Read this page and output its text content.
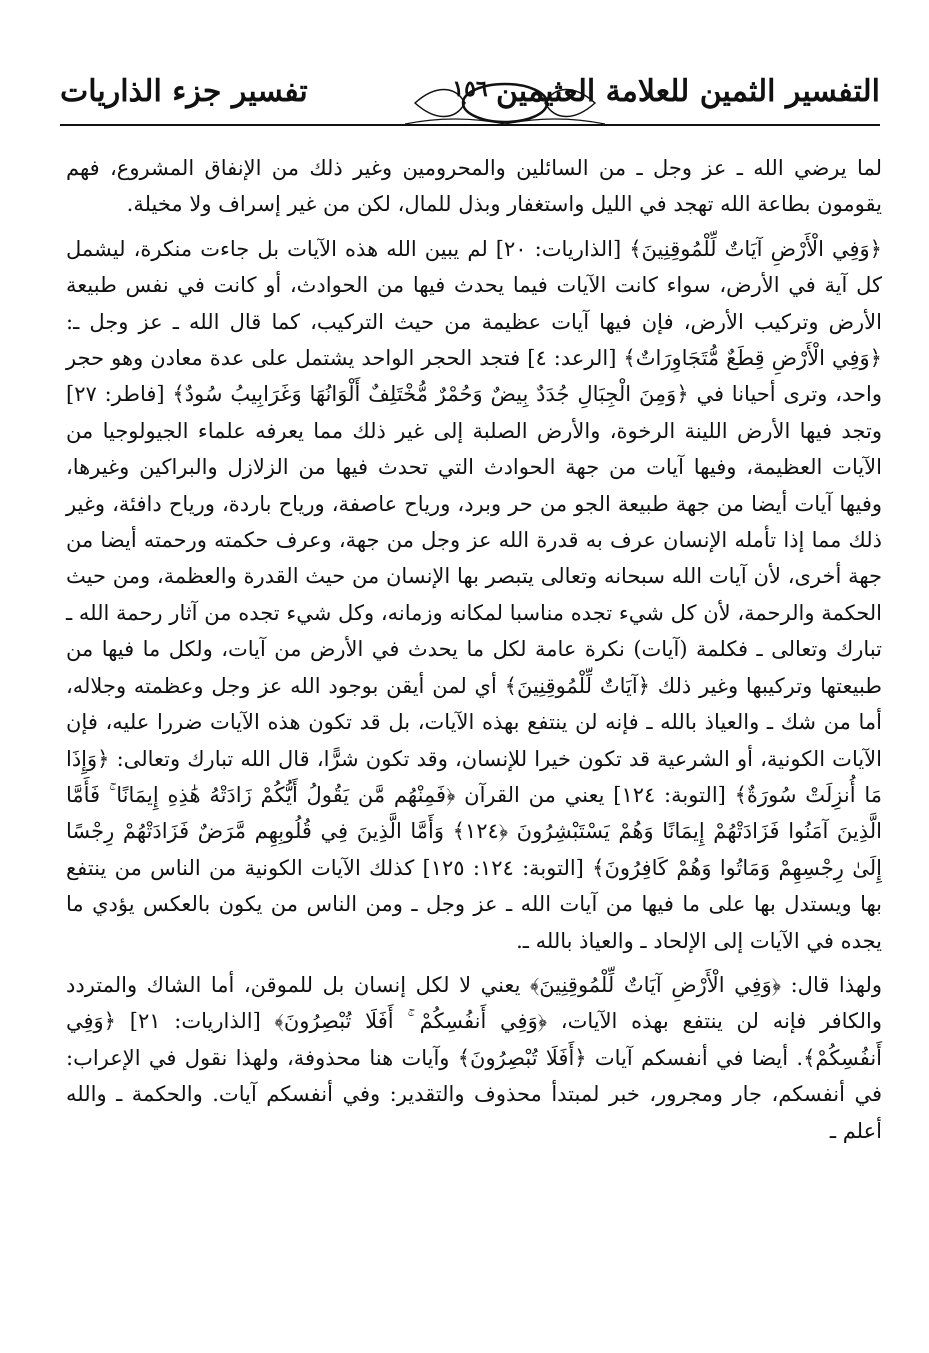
التفسير الثمين للعلامة العثيمين
١٥٦
تفسير جزء الذاريات

لما يرضي الله ـ عز وجل ـ من السائلين والمحرومين وغير ذلك من الإنفاق المشروع، فهم يقومون بطاعة الله تهجد في الليل واستغفار وبذل للمال، لكن من غير إسراف ولا مخيلة.

﴿وَفِي الْأَرْضِ آيَاتٌ لِّلْمُوقِنِينَ﴾ [الذاريات: ٢٠] لم يبين الله هذه الآيات بل جاءت منكرة، ليشمل كل آية في الأرض، سواء كانت الآيات فيما يحدث فيها من الحوادث، أو كانت في نفس طبيعة الأرض وتركيب الأرض، فإن فيها آيات عظيمة من حيث التركيب، كما قال الله ـ عز وجل ـ: ﴿وَفِي الْأَرْضِ قِطَعٌ مُّتَجَاوِرَاتٌ﴾ [الرعد: ٤] فتجد الحجر الواحد يشتمل على عدة معادن وهو حجر واحد، وترى أحيانا في ﴿وَمِنَ الْجِبَالِ جُدَدٌ بِيضٌ وَحُمْرٌ مُّخْتَلِفٌ أَلْوَانُهَا وَغَرَابِيبُ سُودٌ﴾ [فاطر: ٢٧] وتجد فيها الأرض اللينة الرخوة، والأرض الصلبة إلى غير ذلك مما يعرفه علماء الجيولوجيا من الآيات العظيمة، وفيها آيات من جهة الحوادث التي تحدث فيها من الزلازل والبراكين وغيرها، وفيها آيات أيضا من جهة طبيعة الجو من حر وبرد، ورياح عاصفة، ورياح باردة، ورياح دافئة، وغير ذلك مما إذا تأمله الإنسان عرف به قدرة الله عز وجل من جهة، وعرف حكمته ورحمته أيضا من جهة أخرى، لأن آيات الله سبحانه وتعالى يتبصر بها الإنسان من حيث القدرة والعظمة، ومن حيث الحكمة والرحمة، لأن كل شيء تجده مناسبا لمكانه وزمانه، وكل شيء تجده من آثار رحمة الله ـ تبارك وتعالى ـ فكلمة (آيات) نكرة عامة لكل ما يحدث في الأرض من آيات، ولكل ما فيها من طبيعتها وتركيبها وغير ذلك ﴿آيَاتٌ لِّلْمُوقِنِينَ﴾ أي لمن أيقن بوجود الله عز وجل وعظمته وجلاله، أما من شك ـ والعياذ بالله ـ فإنه لن ينتفع بهذه الآيات، بل قد تكون هذه الآيات ضررا عليه، فإن الآيات الكونية، أو الشرعية قد تكون خيرا للإنسان، وقد تكون شرًّا، قال الله تبارك وتعالى: ﴿وَإِذَا مَا أُنزِلَتْ سُورَةٌ﴾ [التوبة: ١٢٤] يعني من القرآن ﴿فَمِنْهُم مَّن يَقُولُ أَيُّكُمْ زَادَتْهُ هَٰذِهِ إِيمَانًا ۚ فَأَمَّا الَّذِينَ آمَنُوا فَزَادَتْهُمْ إِيمَانًا وَهُمْ يَسْتَبْشِرُونَ ﴿١٢٤﴾ وَأَمَّا الَّذِينَ فِي قُلُوبِهِم مَّرَضٌ فَزَادَتْهُمْ رِجْسًا إِلَىٰ رِجْسِهِمْ وَمَاتُوا وَهُمْ كَافِرُونَ﴾ [التوبة: ١٢٤: ١٢٥] كذلك الآيات الكونية من الناس من ينتفع بها ويستدل بها على ما فيها من آيات الله ـ عز وجل ـ ومن الناس من يكون بالعكس يؤدي ما يجده في الآيات إلى الإلحاد ـ والعياذ بالله ـ.

ولهذا قال: ﴿وَفِي الْأَرْضِ آيَاتٌ لِّلْمُوقِنِينَ﴾ يعني لا لكل إنسان بل للموقن، أما الشاك والمتردد والكافر فإنه لن ينتفع بهذه الآيات، ﴿وَفِي أَنفُسِكُمْ ۚ أَفَلَا تُبْصِرُونَ﴾ [الذاريات: ٢١] ﴿وَفِي أَنفُسِكُمْ﴾. أيضا في أنفسكم آيات ﴿أَفَلَا تُبْصِرُونَ﴾ وآيات هنا محذوفة، ولهذا نقول في الإعراب: في أنفسكم، جار ومجرور، خبر لمبتدأ محذوف والتقدير: وفي أنفسكم آيات. والحكمة ـ والله أعلم ـ
